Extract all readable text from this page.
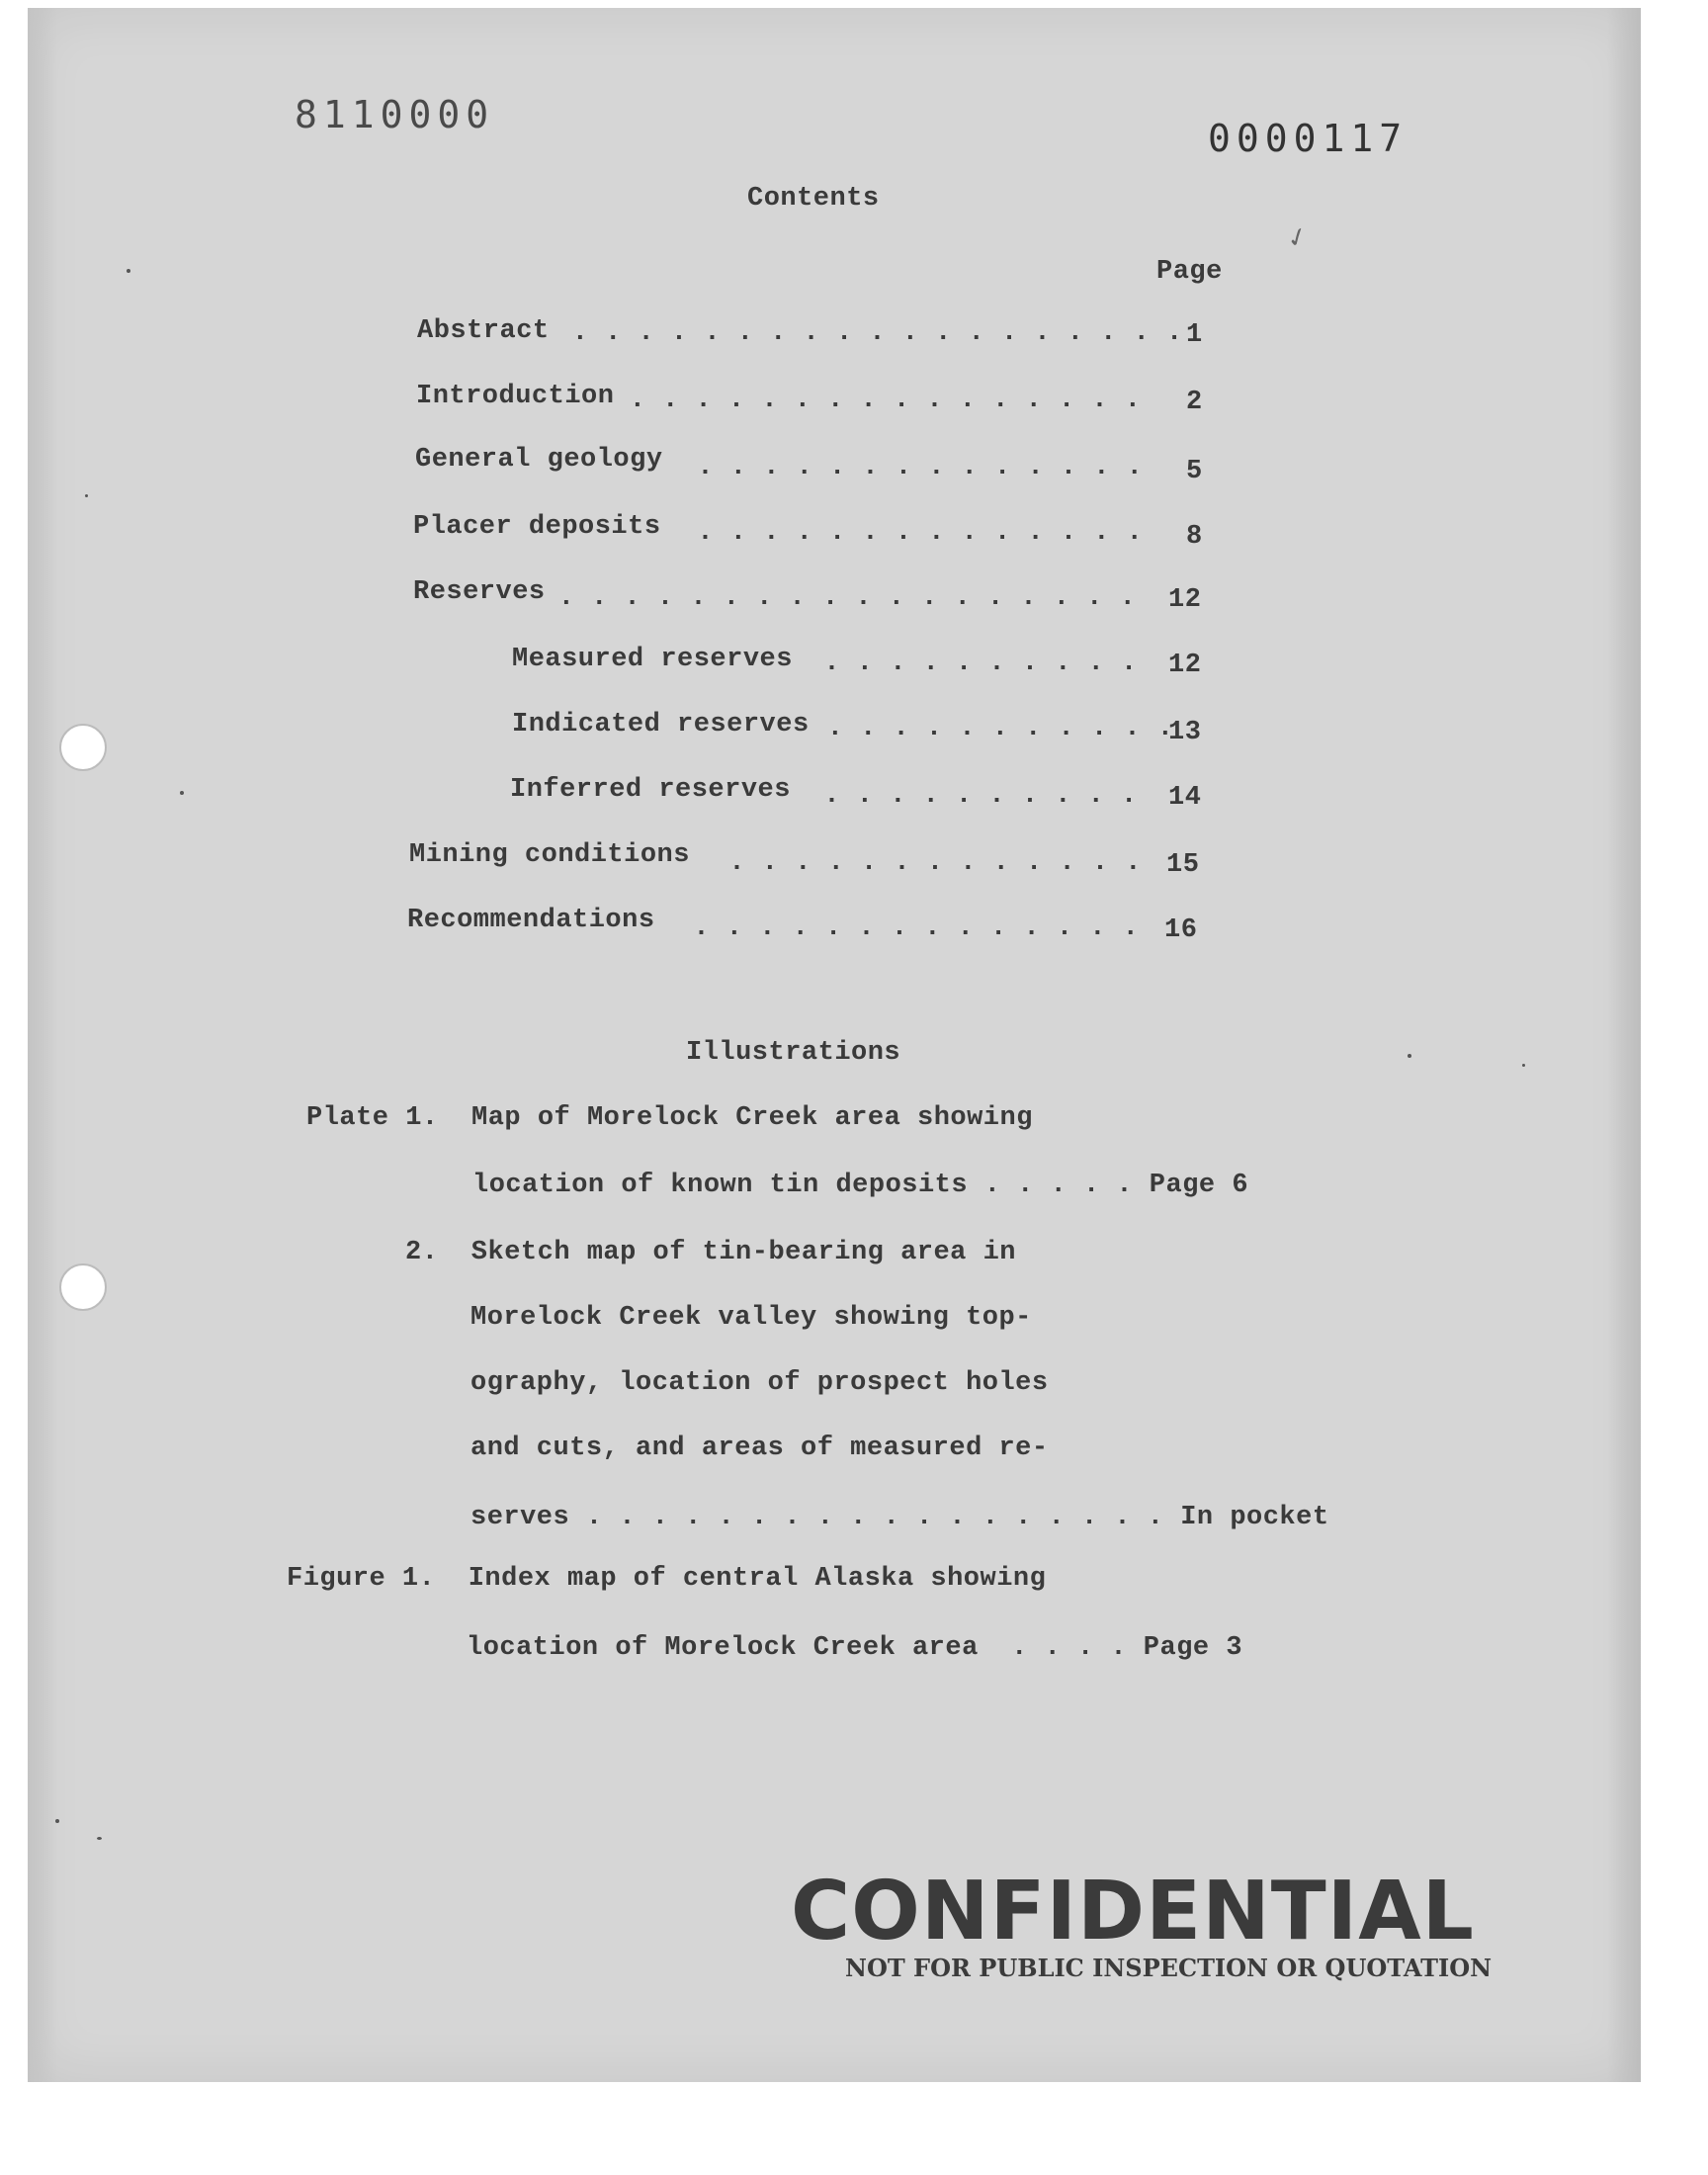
8110000
0000117
Contents
Page
Abstract . . . . . . . . . . . . . . . . . . . 1
Introduction
. . . . . . . . . . . . . . . . 2
General geology . . . . . . . . . . . . . . 5
Placer deposits . . . . . . . . . . . . . . 8
Reserves
. . . . . . . . . . . . . . . . . . 12
Measured reserves
. . . . . . . . . . 12
Indicated reserves . . . . . . . . . . .
13
Inferred reserves . . . . . . . . . . 14
Mining conditions . . . . . . . . . . . . . 15
Recommendations . . . . . . . . . . . . . . 16
Illustrations
Plate 1.  Map of Morelock Creek area showing
location of known tin deposits . . . . . Page 6
2.  Sketch map of tin-bearing area in
Morelock Creek valley showing top-
ography, location of prospect holes
and cuts, and areas of measured re-
serves . . . . . . . . . . . . . . . . . . In pocket
Figure 1.  Index map of central Alaska showing
location of Morelock Creek area  . . . . Page 3
CONFIDENTIAL
NOT FOR PUBLIC INSPECTION OR QUOTATION
✓
